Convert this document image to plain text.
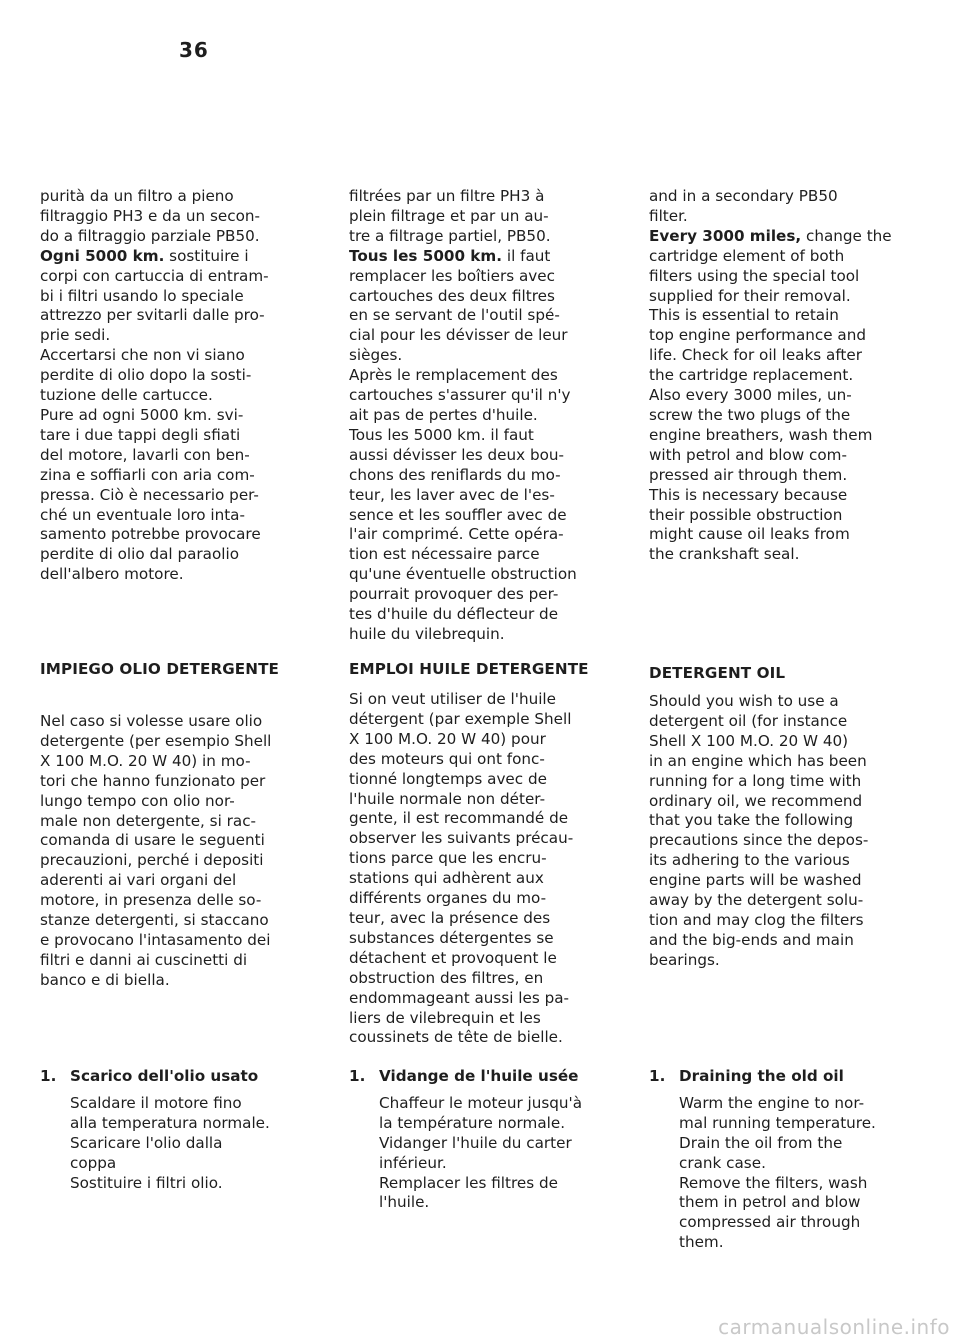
36

purità da un filtro a pieno
filtraggio PH3 e da un secon-
do a filtraggio parziale PB50.
Ogni 5000 km. sostituire i
corpi con cartuccia di entram-
bi i filtri usando lo speciale
attrezzo per svitarli dalle pro-
prie sedi.
Accertarsi che non vi siano
perdite di olio dopo la sosti-
tuzione delle cartucce.
Pure ad ogni 5000 km. svi-
tare i due tappi degli sfiati
del motore, lavarli con ben-
zina e soffiarli con aria com-
pressa. Ciò è necessario per-
ché un eventuale loro inta-
samento potrebbe provocare
perdite di olio dal paraolio
dell'albero motore.

IMPIEGO OLIO DETERGENTE

Nel caso si volesse usare olio
detergente (per esempio Shell
X 100 M.O. 20 W 40) in mo-
tori che hanno funzionato per
lungo tempo con olio nor-
male non detergente, si rac-
comanda di usare le seguenti
precauzioni, perché i depositi
aderenti ai vari organi del
motore, in presenza delle so-
stanze detergenti, si staccano
e provocano l'intasamento dei
filtri e danni ai cuscinetti di
banco e di biella.

1. Scarico dell'olio usato

Scaldare il motore fino
alla temperatura normale.
Scaricare l'olio dalla
coppa
Sostituire i filtri olio.

filtrées par un filtre PH3 à
plein filtrage et par un au-
tre a filtrage partiel, PB50.
Tous les 5000 km. il faut
remplacer les boîtiers avec
cartouches des deux filtres
en se servant de l'outil spé-
cial pour les dévisser de leur
sièges.
Après le remplacement des
cartouches s'assurer qu'il n'y
ait pas de pertes d'huile.
Tous les 5000 km. il faut
aussi dévisser les deux bou-
chons des reniflards du mo-
teur, les laver avec de l'es-
sence et les souffler avec de
l'air comprimé. Cette opéra-
tion est nécessaire parce
qu'une éventuelle obstruction
pourrait provoquer des per-
tes d'huile du déflecteur de
huile du vilebrequin.

EMPLOI HUILE DETERGENTE

Si on veut utiliser de l'huile
détergent (par exemple Shell
X 100 M.O. 20 W 40) pour
des moteurs qui ont fonc-
tionné longtemps avec de
l'huile normale non déter-
gente, il est recommandé de
observer les suivants précau-
tions parce que les encru-
stations qui adhèrent aux
différents organes du mo-
teur, avec la présence des
substances détergentes se
détachent et provoquent le
obstruction des filtres, en
endommageant aussi les pa-
liers de vilebrequin et les
coussinets de tête de bielle.

1. Vidange de l'huile usée

Chaffeur le moteur jusqu'à
la température normale.
Vidanger l'huile du carter
inférieur.
Remplacer les filtres de
l'huile.

and in a secondary PB50
filter.
Every 3000 miles, change the
cartridge element of both
filters using the special tool
supplied for their removal.
This is essential to retain
top engine performance and
life. Check for oil leaks after
the cartridge replacement.
Also every 3000 miles, un-
screw the two plugs of the
engine breathers, wash them
with petrol and blow com-
pressed air through them.
This is necessary because
their possible obstruction
might cause oil leaks from
the crankshaft seal.

DETERGENT OIL

Should you wish to use a
detergent oil (for instance
Shell X 100 M.O. 20 W 40)
in an engine which has been
running for a long time with
ordinary oil, we recommend
that you take the following
precautions since the depos-
its adhering to the various
engine parts will be washed
away by the detergent solu-
tion and may clog the filters
and the big-ends and main
bearings.

1. Draining the old oil

Warm the engine to nor-
mal running temperature.
Drain the oil from the
crank case.
Remove the filters, wash
them in petrol and blow
compressed air through
them.

carmanualsonline.info
